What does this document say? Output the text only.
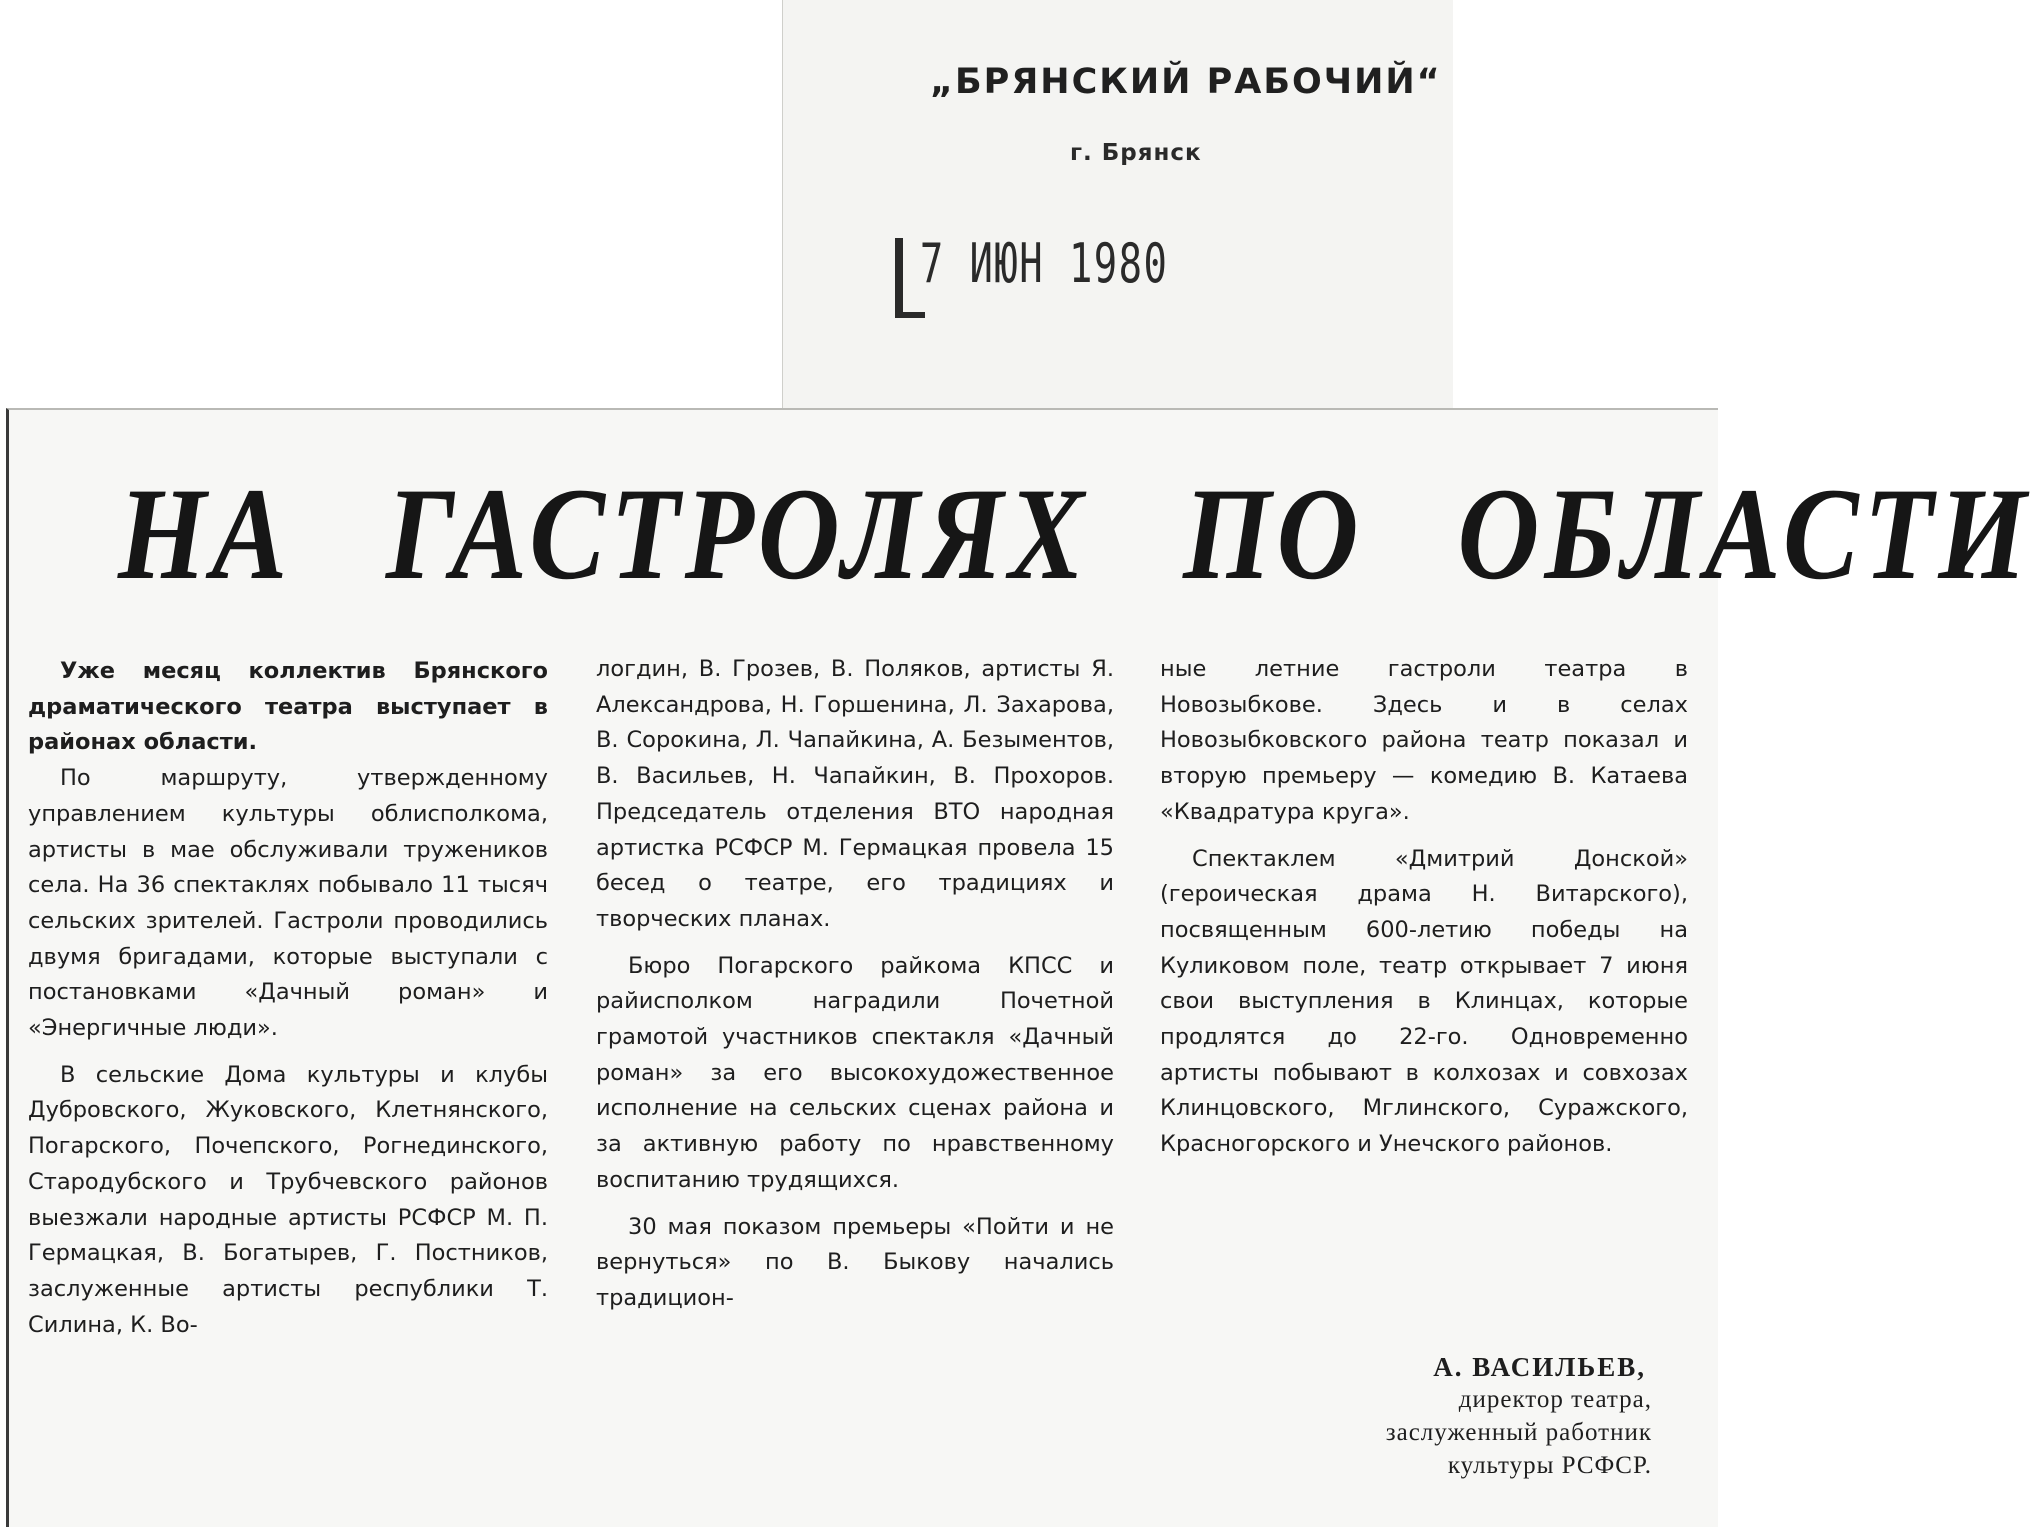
„БРЯНСКИЙ РАБОЧИЙ“
г. Брянск
7 ИЮН 1980
НА ГАСТРОЛЯХ ПО ОБЛАСТИ

Уже месяц коллектив Брянского драматического театра выступает в районах области.

По маршруту, утвержденному управлением культуры облисполкома, артисты в мае обслуживали тружеников села. На 36 спектаклях побывало 11 тысяч сельских зрителей. Гастроли проводились двумя бригадами, которые выступали с постановками «Дачный роман» и «Энергичные люди».

В сельские Дома культуры и клубы Дубровского, Жуковского, Клетнянского, Погарского, Почепского, Рогнединского, Стародубского и Трубчевского районов выезжали народные артисты РСФСР М. П. Гермацкая, В. Богатырев, Г. Постников, заслуженные артисты республики Т. Силина, К. Во-

логдин, В. Грозев, В. Поляков, артисты Я. Александрова, Н. Горшенина, Л. Захарова, В. Сорокина, Л. Чапайкина, А. Безыментов, В. Васильев, Н. Чапайкин, В. Прохоров. Председатель отделения ВТО народная артистка РСФСР М. Гермацкая провела 15 бесед о театре, его традициях и творческих планах.

Бюро Погарского райкома КПСС и райисполком наградили Почетной грамотой участников спектакля «Дачный роман» за его высокохудожественное исполнение на сельских сценах района и за активную работу по нравственному воспитанию трудящихся.

30 мая показом премьеры «Пойти и не вернуться» по В. Быкову начались традицион-

ные летние гастроли театра в Новозыбкове. Здесь и в селах Новозыбковского района театр показал и вторую премьеру — комедию В. Катаева «Квадратура круга».

Спектаклем «Дмитрий Донской» (героическая драма Н. Витарского), посвященным 600-летию победы на Куликовом поле, театр открывает 7 июня свои выступления в Клинцах, которые продлятся до 22-го. Одновременно артисты побывают в колхозах и совхозах Клинцовского, Мглинского, Суражского, Красногорского и Унечского районов.

А. ВАСИЛЬЕВ,
директор театра,
заслуженный работник
культуры РСФСР.
